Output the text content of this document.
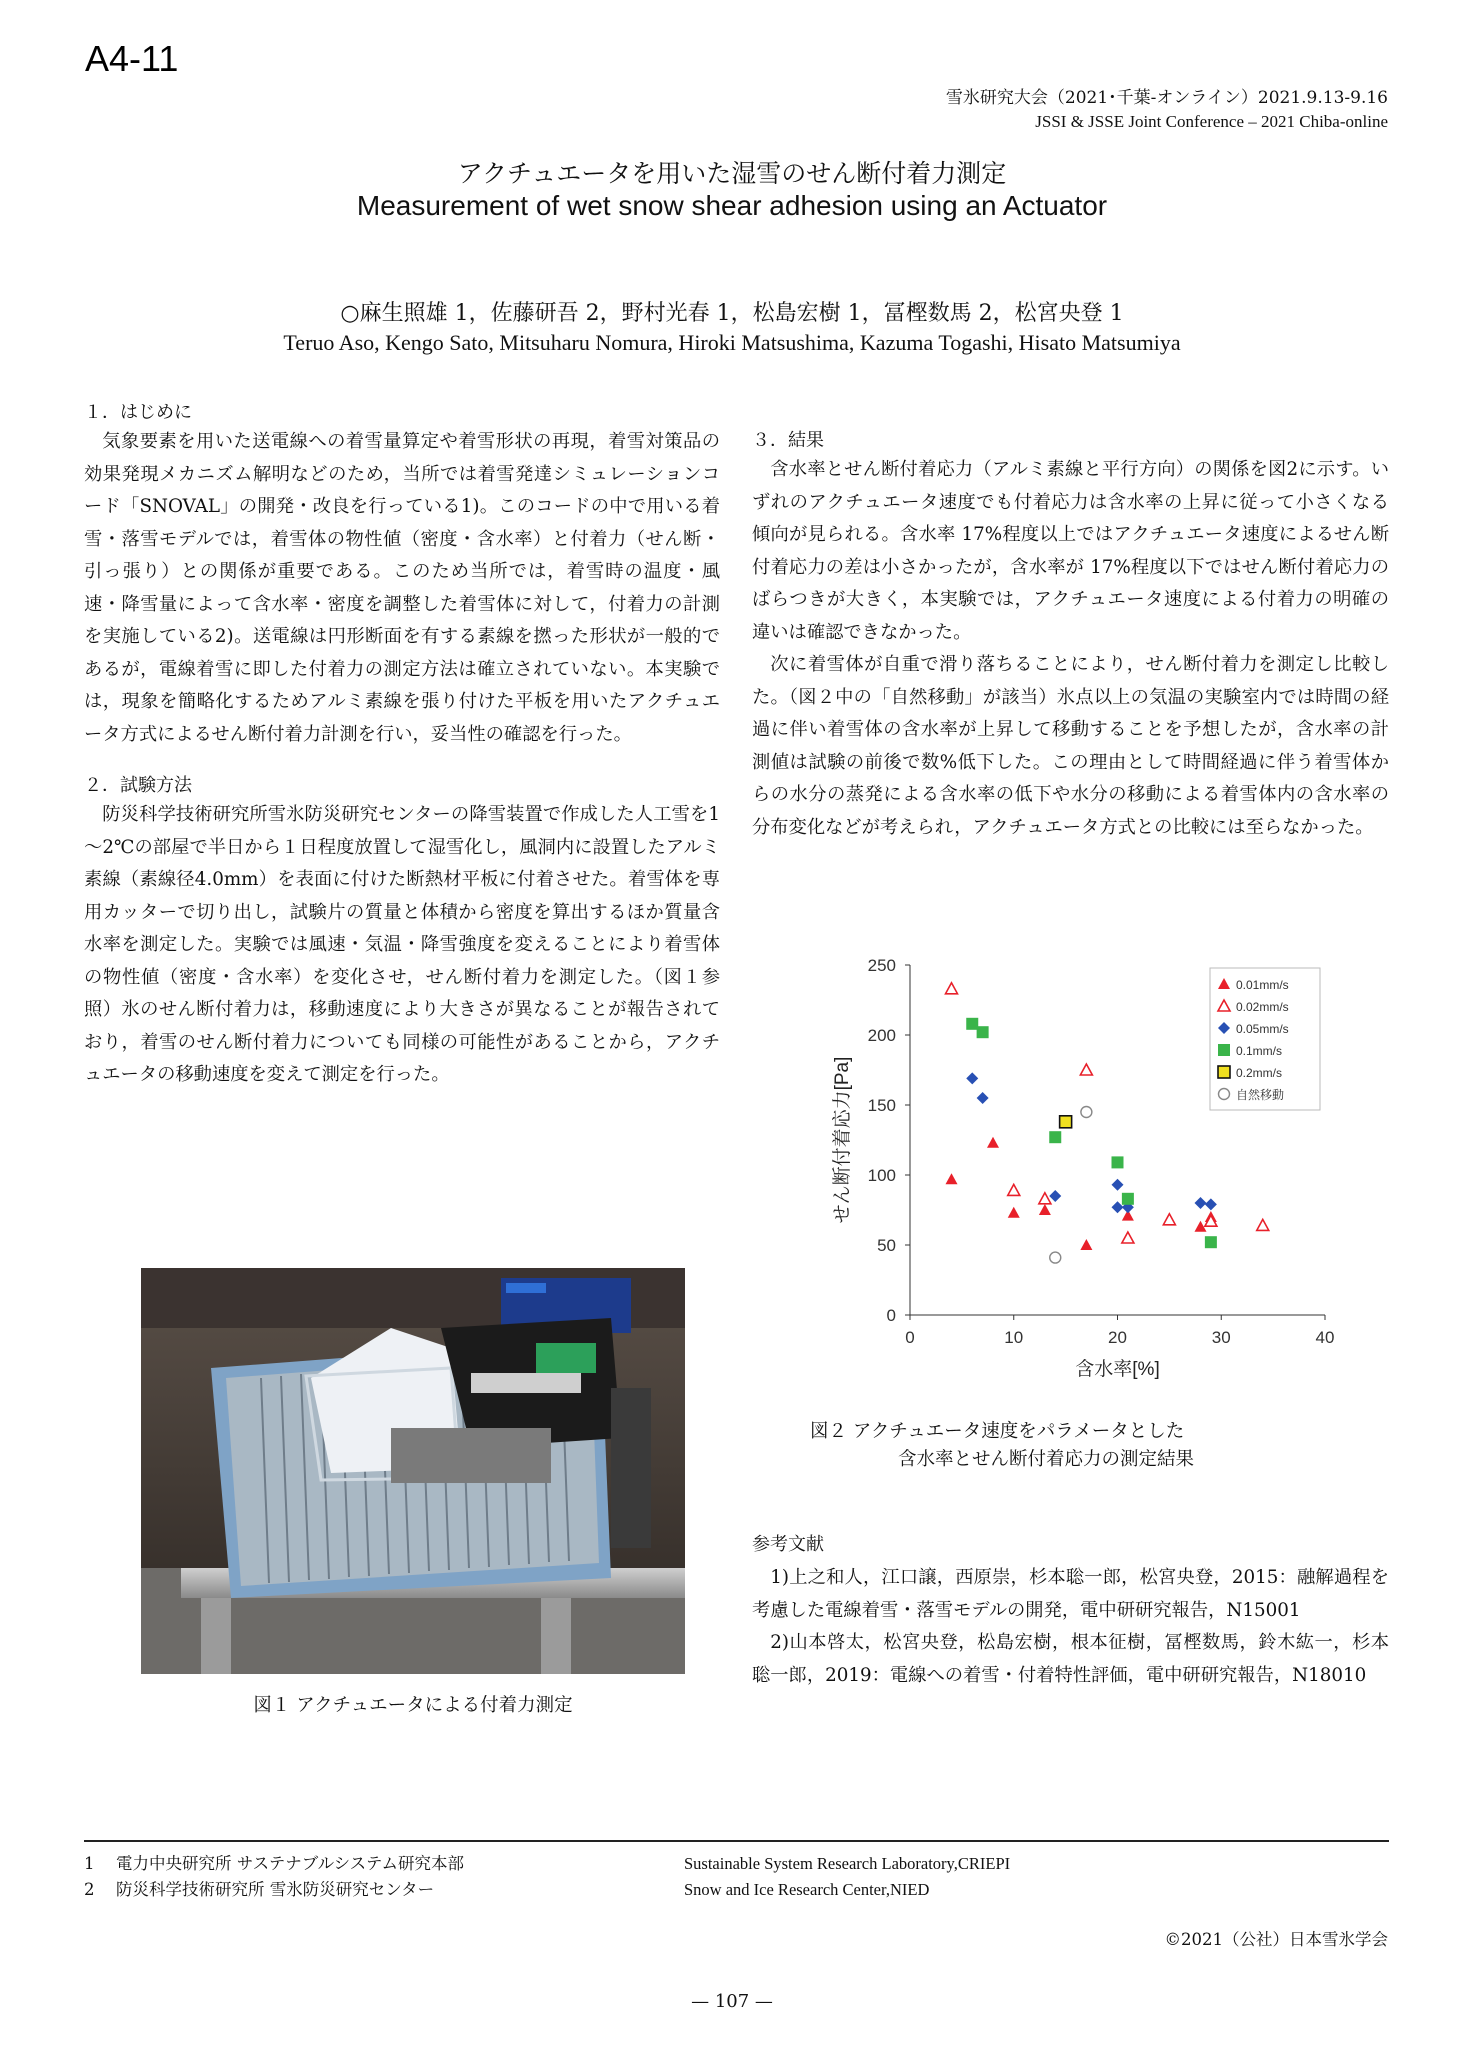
A4-11
雪氷研究大会（2021･千葉-オンライン）2021.9.13-9.16
JSSI & JSSE Joint Conference – 2021 Chiba-online
アクチュエータを用いた湿雪のせん断付着力測定
Measurement of wet snow shear adhesion using an Actuator
○麻生照雄 1，佐藤研吾 2，野村光春 1，松島宏樹 1，冨樫数馬 2，松宮央登 1
Teruo Aso, Kengo Sato, Mitsuharu Nomura, Hiroki Matsushima, Kazuma Togashi, Hisato Matsumiya
１．はじめに

気象要素を用いた送電線への着雪量算定や着雪形状の再現，着雪対策品の効果発現メカニズム解明などのため，当所では着雪発達シミュレーションコード「SNOVAL」の開発・改良を行っている1)。このコードの中で用いる着雪・落雪モデルでは，着雪体の物性値（密度・含水率）と付着力（せん断・引っ張り）との関係が重要である。このため当所では，着雪時の温度・風速・降雪量によって含水率・密度を調整した着雪体に対して，付着力の計測を実施している2)。送電線は円形断面を有する素線を撚った形状が一般的であるが，電線着雪に即した付着力の測定方法は確立されていない。本実験では，現象を簡略化するためアルミ素線を張り付けた平板を用いたアクチュエータ方式によるせん断付着力計測を行い，妥当性の確認を行った。

２．試験方法

防災科学技術研究所雪氷防災研究センターの降雪装置で作成した人工雪を1～2℃の部屋で半日から１日程度放置して湿雪化し，風洞内に設置したアルミ素線（素線径4.0mm）を表面に付けた断熱材平板に付着させた。着雪体を専用カッターで切り出し，試験片の質量と体積から密度を算出するほか質量含水率を測定した。実験では風速・気温・降雪強度を変えることにより着雪体の物性値（密度・含水率）を変化させ，せん断付着力を測定した。（図１参照）氷のせん断付着力は，移動速度により大きさが異なることが報告されており，着雪のせん断付着力についても同様の可能性があることから，アクチュエータの移動速度を変えて測定を行った。

図１ アクチュエータによる付着力測定
３．結果

含水率とせん断付着応力（アルミ素線と平行方向）の関係を図2に示す。いずれのアクチュエータ速度でも付着応力は含水率の上昇に従って小さくなる傾向が見られる。含水率 17%程度以上ではアクチュエータ速度によるせん断付着応力の差は小さかったが，含水率が 17%程度以下ではせん断付着応力のばらつきが大きく，本実験では，アクチュエータ速度による付着力の明確の違いは確認できなかった。

次に着雪体が自重で滑り落ちることにより，せん断付着力を測定し比較した。（図２中の「自然移動」が該当）氷点以上の気温の実験室内では時間の経過に伴い着雪体の含水率が上昇して移動することを予想したが，含水率の計測値は試験の前後で数%低下した。この理由として時間経過に伴う着雪体からの水分の蒸発による含水率の低下や水分の移動による着雪体内の含水率の分布変化などが考えられ，アクチュエータ方式との比較には至らなかった。

0
50
100
150
200
250
0	10	20	30	40
含水率[%]
せん断付着応力[Pa]
0.01mm/s
0.02mm/s
0.05mm/s
0.1mm/s
0.2mm/s
自然移動
図２ アクチュエータ速度をパラメータとした
含水率とせん断付着応力の測定結果
参考文献

1)上之和人，江口譲，西原崇，杉本聡一郎，松宮央登，2015：融解過程を考慮した電線着雪・落雪モデルの開発，電中研研究報告，N15001

2)山本啓太，松宮央登，松島宏樹，根本征樹，冨樫数馬，鈴木紘一，杉本聡一郎，2019：電線への着雪・付着特性評価，電中研研究報告，N18010

1 電力中央研究所 サステナブルシステム研究本部	Sustainable System Research Laboratory,CRIEPI
2 防災科学技術研究所 雪氷防災研究センター	Snow and Ice Research Center,NIED
©2021（公社）日本雪氷学会
— 107 —
